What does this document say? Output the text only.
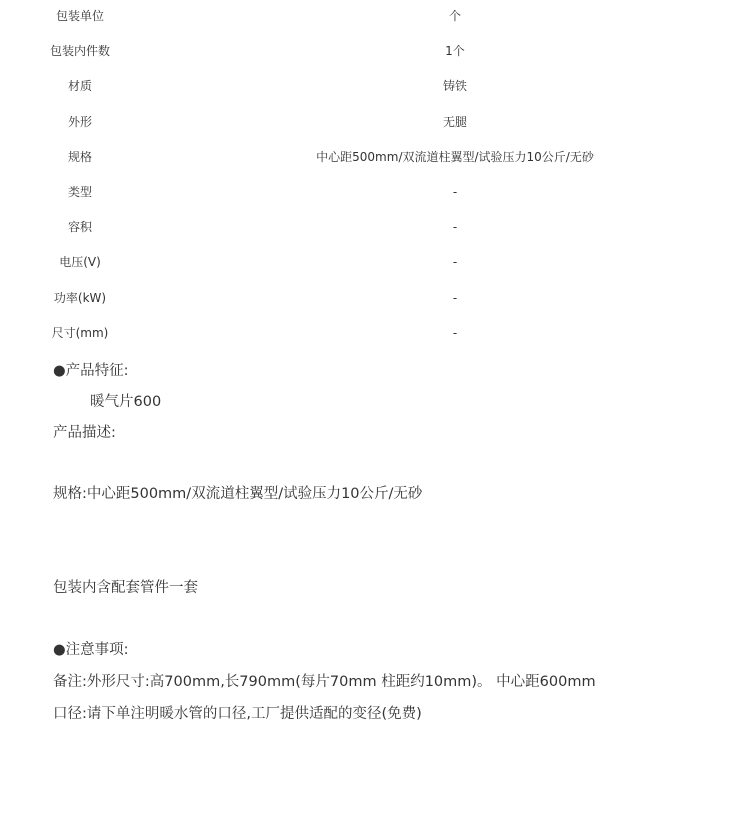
包装单位	个
包装内件数	1个
材质	铸铁
外形	无腿
规格	中心距500mm/双流道柱翼型/试验压力10公斤/无砂
类型	-
容积	-
电压(V)	-
功率(kW)	-
尺寸(mm)	-
●产品特征:
暖气片600
产品描述:
规格:中心距500mm/双流道柱翼型/试验压力10公斤/无砂
包装内含配套管件一套
●注意事项:
备注:外形尺寸:高700mm,长790mm(每片70mm 柱距约10mm)。 中心距600mm
口径:请下单注明暖水管的口径,工厂提供适配的变径(免费)
